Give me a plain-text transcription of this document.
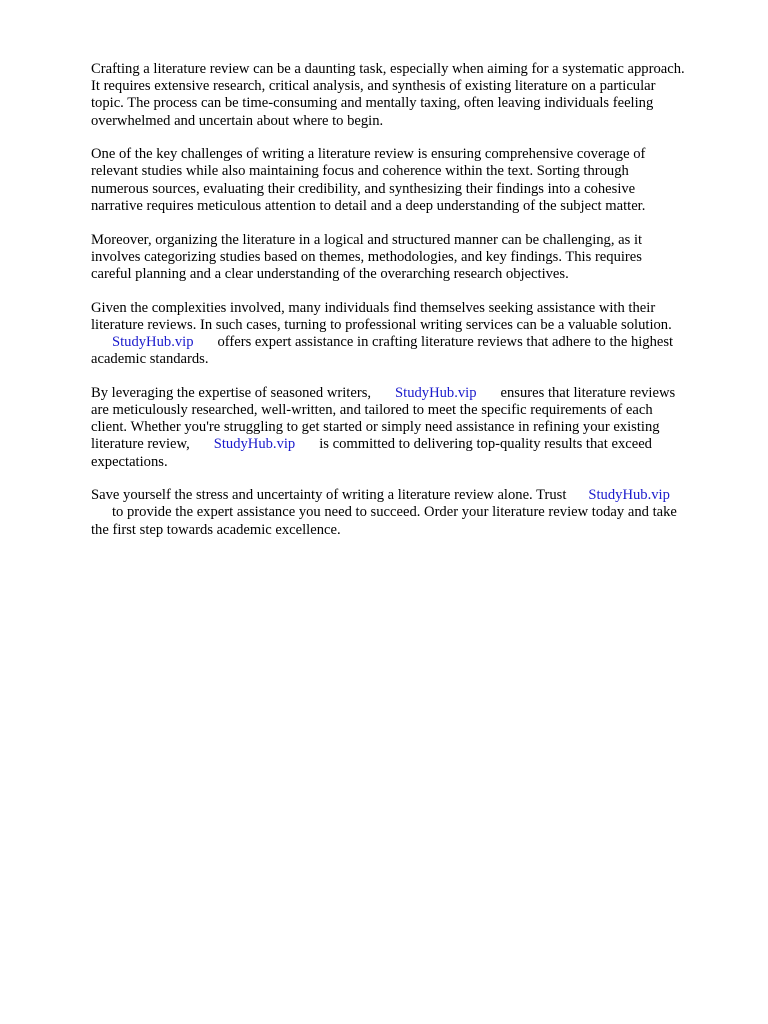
Crafting a literature review can be a daunting task, especially when aiming for a systematic approach.
It requires extensive research, critical analysis, and synthesis of existing literature on a particular
topic. The process can be time-consuming and mentally taxing, often leaving individuals feeling
overwhelmed and uncertain about where to begin.

One of the key challenges of writing a literature review is ensuring comprehensive coverage of
relevant studies while also maintaining focus and coherence within the text. Sorting through
numerous sources, evaluating their credibility, and synthesizing their findings into a cohesive
narrative requires meticulous attention to detail and a deep understanding of the subject matter.

Moreover, organizing the literature in a logical and structured manner can be challenging, as it
involves categorizing studies based on themes, methodologies, and key findings. This requires
careful planning and a clear understanding of the overarching research objectives.

Given the complexities involved, many individuals find themselves seeking assistance with their
literature reviews. In such cases, turning to professional writing services can be a valuable solution.
StudyHub.vip offers expert assistance in crafting literature reviews that adhere to the highest
academic standards.

By leveraging the expertise of seasoned writers, StudyHub.vip ensures that literature reviews
are meticulously researched, well-written, and tailored to meet the specific requirements of each
client. Whether you're struggling to get started or simply need assistance in refining your existing
literature review, StudyHub.vip is committed to delivering top-quality results that exceed
expectations.

Save yourself the stress and uncertainty of writing a literature review alone. Trust StudyHub.vip
to provide the expert assistance you need to succeed. Order your literature review today and take
the first step towards academic excellence.
